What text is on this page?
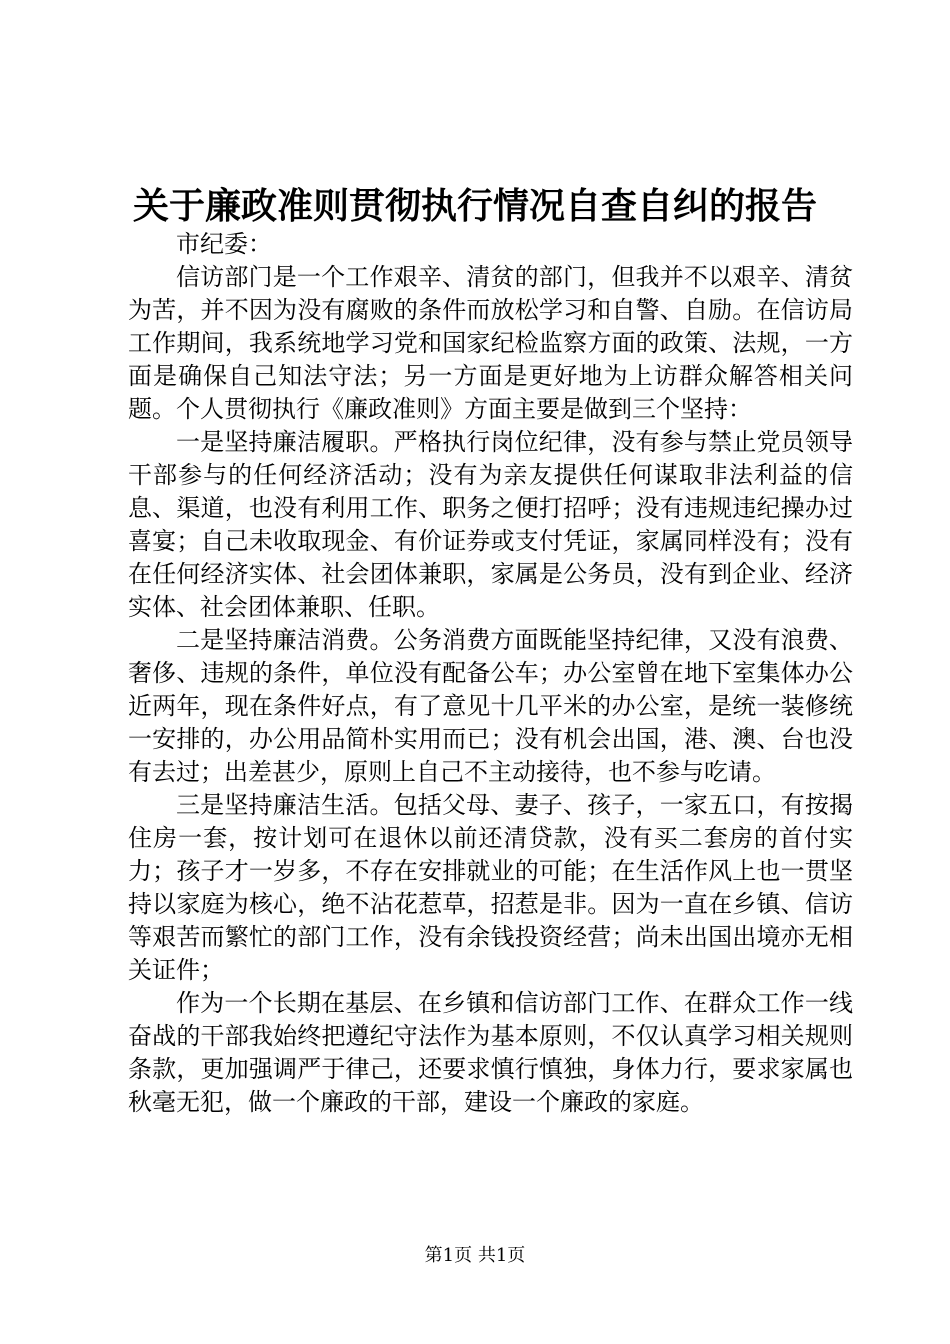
关于廉政准则贯彻执行情况自查自纠的报告

市纪委：

信访部门是一个工作艰辛、清贫的部门，但我并不以艰辛、清贫为苦，并不因为没有腐败的条件而放松学习和自警、自励。在信访局工作期间，我系统地学习党和国家纪检监察方面的政策、法规，一方面是确保自己知法守法；另一方面是更好地为上访群众解答相关问题。个人贯彻执行《廉政准则》方面主要是做到三个坚持：

一是坚持廉洁履职。严格执行岗位纪律，没有参与禁止党员领导干部参与的任何经济活动；没有为亲友提供任何谋取非法利益的信息、渠道，也没有利用工作、职务之便打招呼；没有违规违纪操办过喜宴；自己未收取现金、有价证券或支付凭证，家属同样没有；没有在任何经济实体、社会团体兼职，家属是公务员，没有到企业、经济实体、社会团体兼职、任职。

二是坚持廉洁消费。公务消费方面既能坚持纪律，又没有浪费、奢侈、违规的条件，单位没有配备公车；办公室曾在地下室集体办公近两年，现在条件好点，有了意见十几平米的办公室，是统一装修统一安排的，办公用品简朴实用而已；没有机会出国，港、澳、台也没有去过；出差甚少，原则上自己不主动接待，也不参与吃请。

三是坚持廉洁生活。包括父母、妻子、孩子，一家五口，有按揭住房一套，按计划可在退休以前还清贷款，没有买二套房的首付实力；孩子才一岁多，不存在安排就业的可能；在生活作风上也一贯坚持以家庭为核心，绝不沾花惹草，招惹是非。因为一直在乡镇、信访等艰苦而繁忙的部门工作，没有余钱投资经营；尚未出国出境亦无相关证件；

作为一个长期在基层、在乡镇和信访部门工作、在群众工作一线奋战的干部我始终把遵纪守法作为基本原则，不仅认真学习相关规则条款，更加强调严于律己，还要求慎行慎独，身体力行，要求家属也秋毫无犯，做一个廉政的干部，建设一个廉政的家庭。

第1页 共1页
